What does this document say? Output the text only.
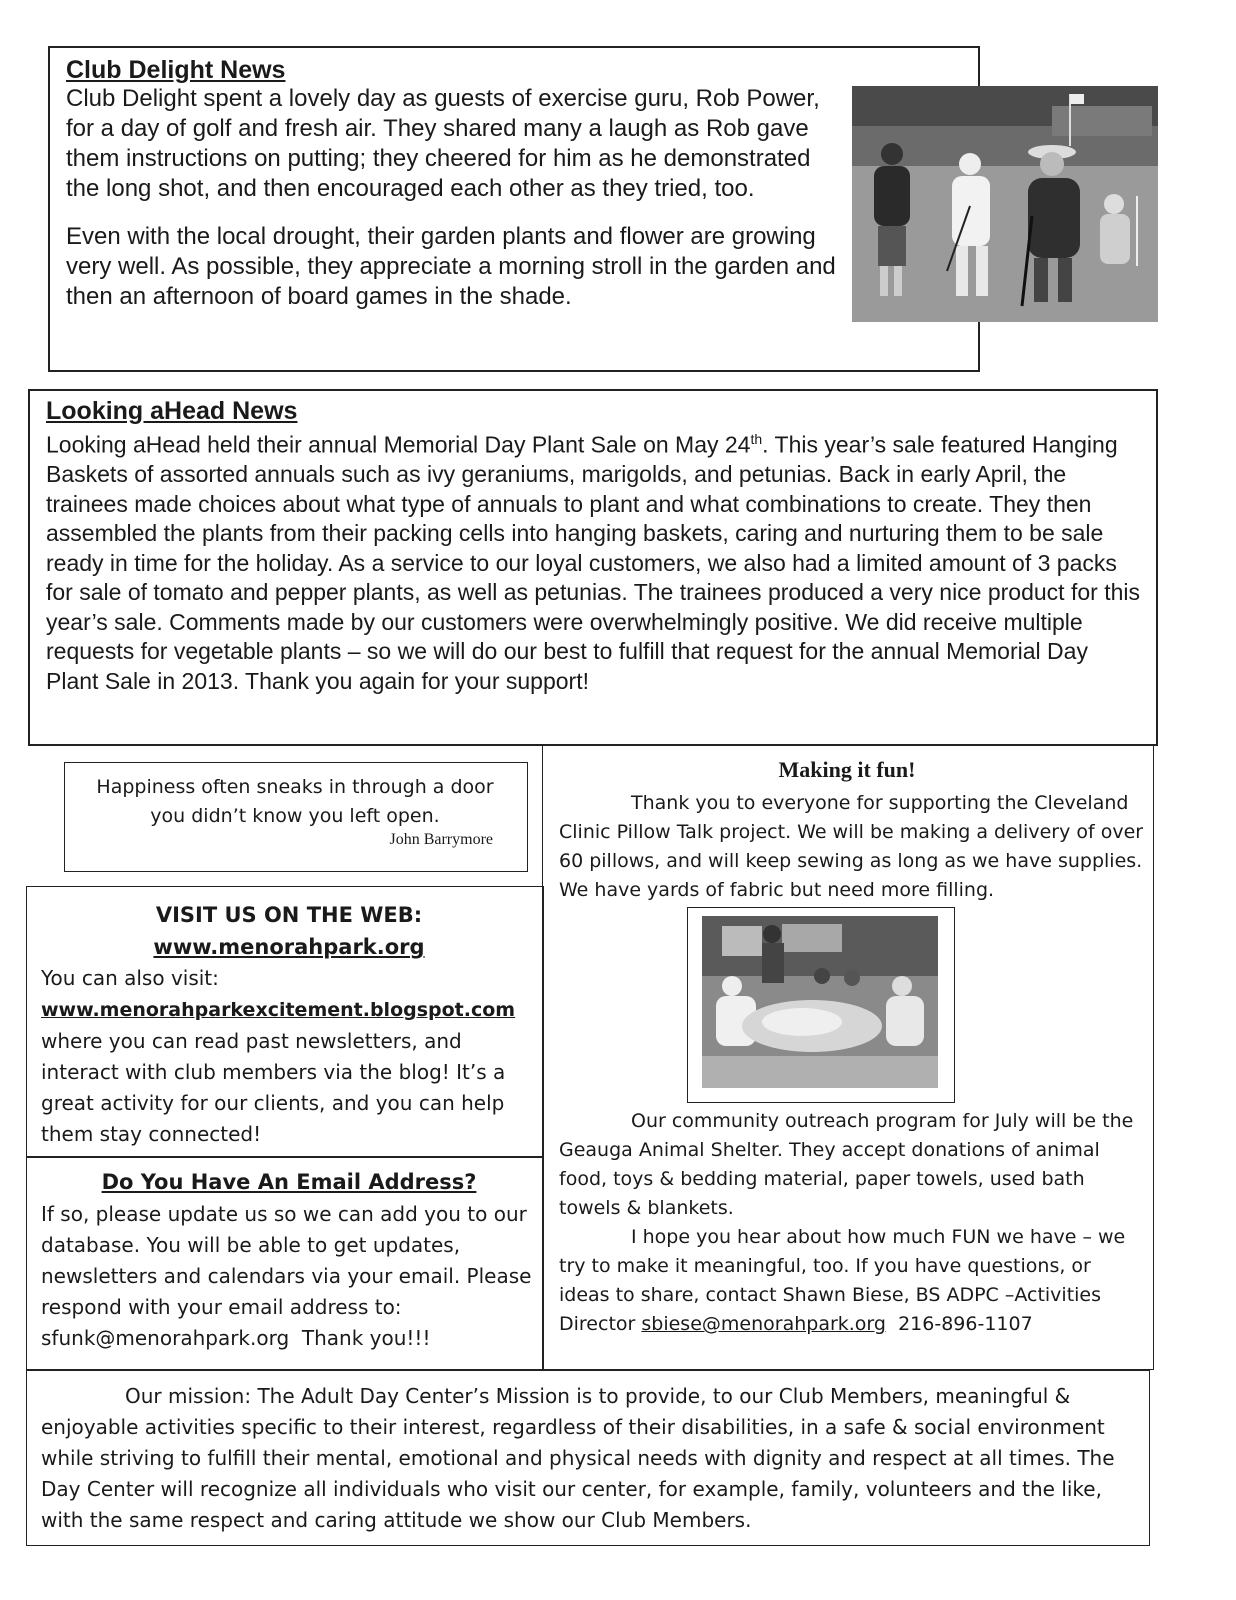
Club Delight News

Club Delight spent a lovely day as guests of exercise guru, Rob Power, for a day of golf and fresh air. They shared many a laugh as Rob gave them instructions on putting; they cheered for him as he demonstrated the long shot, and then encouraged each other as they tried, too.

Even with the local drought, their garden plants and flower are growing very well. As possible, they appreciate a morning stroll in the garden and then an afternoon of board games in the shade.

Looking aHead News

Looking aHead held their annual Memorial Day Plant Sale on May 24th. This year’s sale featured Hanging Baskets of assorted annuals such as ivy geraniums, marigolds, and petunias. Back in early April, the trainees made choices about what type of annuals to plant and what combinations to create. They then assembled the plants from their packing cells into hanging baskets, caring and nurturing them to be sale ready in time for the holiday. As a service to our loyal customers, we also had a limited amount of 3 packs for sale of tomato and pepper plants, as well as petunias. The trainees produced a very nice product for this year’s sale. Comments made by our customers were overwhelmingly positive. We did receive multiple requests for vegetable plants – so we will do our best to fulfill that request for the annual Memorial Day Plant Sale in 2013. Thank you again for your support!

Happiness often sneaks in through a door
you didn’t know you left open.
John Barrymore
VISIT US ON THE WEB:
www.menorahpark.org
You can also visit:
www.menorahparkexcitement.blogspot.com
where you can read past newsletters, and interact with club members via the blog! It’s a great activity for our clients, and you can help them stay connected!
Do You Have An Email Address?

If so, please update us so we can add you to our database. You will be able to get updates, newsletters and calendars via your email. Please respond with your email address to: sfunk@menorahpark.org Thank you!!!

Making it fun!

Thank you to everyone for supporting the Cleveland Clinic Pillow Talk project. We will be making a delivery of over 60 pillows, and will keep sewing as long as we have supplies. We have yards of fabric but need more filling.

Our community outreach program for July will be the Geauga Animal Shelter. They accept donations of animal food, toys & bedding material, paper towels, used bath towels & blankets.

I hope you hear about how much FUN we have – we try to make it meaningful, too. If you have questions, or ideas to share, contact Shawn Biese, BS ADPC –Activities Director sbiese@menorahpark.org 216-896-1107

Our mission: The Adult Day Center’s Mission is to provide, to our Club Members, meaningful & enjoyable activities specific to their interest, regardless of their disabilities, in a safe & social environment while striving to fulfill their mental, emotional and physical needs with dignity and respect at all times. The Day Center will recognize all individuals who visit our center, for example, family, volunteers and the like, with the same respect and caring attitude we show our Club Members.
